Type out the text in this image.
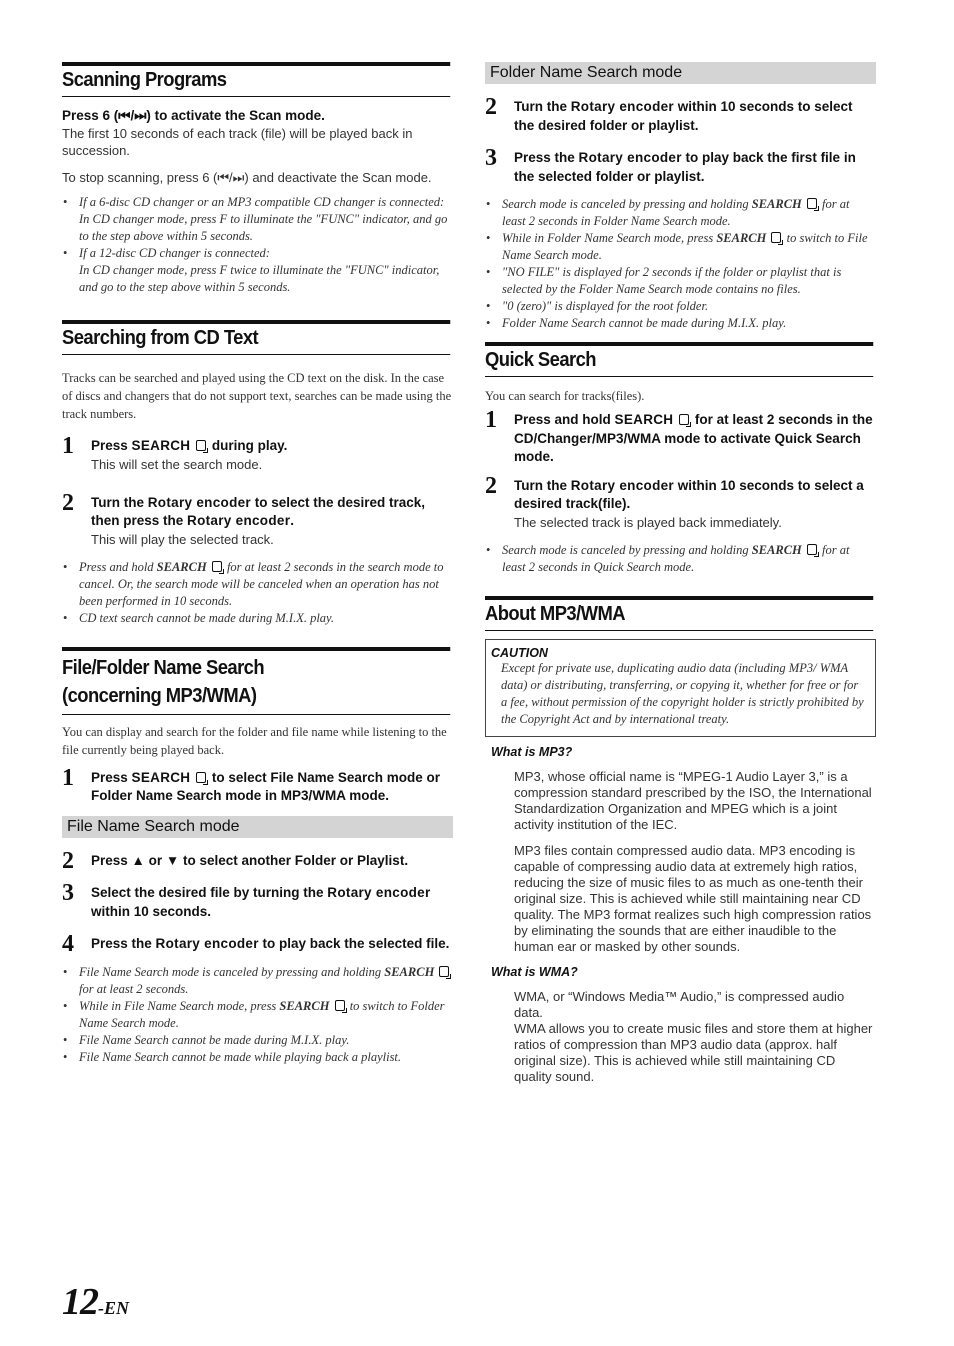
Scanning Programs
Press 6 (⏮/⏭) to activate the Scan mode.
The first 10 seconds of each track (file) will be played back in succession.
To stop scanning, press 6 (⏮/⏭) and deactivate the Scan mode.
• If a 6-disc CD changer or an MP3 compatible CD changer is connected:
In CD changer mode, press F to illuminate the "FUNC" indicator, and go to the step above within 5 seconds.
• If a 12-disc CD changer is connected:
In CD changer mode, press F twice to illuminate the "FUNC" indicator, and go to the step above within 5 seconds.
Searching from CD Text
Tracks can be searched and played using the CD text on the disk. In the case of discs and changers that do not support text, searches can be made using the track numbers.
1 Press SEARCH  during play.
This will set the search mode.
2 Turn the Rotary encoder to select the desired track, then press the Rotary encoder.
This will play the selected track.
• Press and hold SEARCH  for at least 2 seconds in the search mode to cancel. Or, the search mode will be canceled when an operation has not been performed in 10 seconds.
• CD text search cannot be made during M.I.X. play.
File/Folder Name Search
(concerning MP3/WMA)
You can display and search for the folder and file name while listening to the file currently being played back.
1 Press SEARCH  to select File Name Search mode or Folder Name Search mode in MP3/WMA mode.
File Name Search mode
2 Press ▲ or ▼ to select another Folder or Playlist.
3 Select the desired file by turning the Rotary encoder within 10 seconds.
4 Press the Rotary encoder to play back the selected file.
• File Name Search mode is canceled by pressing and holding SEARCH  for at least 2 seconds.
• While in File Name Search mode, press SEARCH  to switch to Folder Name Search mode.
• File Name Search cannot be made during M.I.X. play.
• File Name Search cannot be made while playing back a playlist.
Folder Name Search mode
2 Turn the Rotary encoder within 10 seconds to select the desired folder or playlist.
3 Press the Rotary encoder to play back the first file in the selected folder or playlist.
• Search mode is canceled by pressing and holding SEARCH  for at least 2 seconds in Folder Name Search mode.
• While in Folder Name Search mode, press SEARCH  to switch to File Name Search mode.
• "NO FILE" is displayed for 2 seconds if the folder or playlist that is selected by the Folder Name Search mode contains no files.
• "0 (zero)" is displayed for the root folder.
• Folder Name Search cannot be made during M.I.X. play.
Quick Search
You can search for tracks(files).
1 Press and hold SEARCH  for at least 2 seconds in the CD/Changer/MP3/WMA mode to activate Quick Search mode.
2 Turn the Rotary encoder within 10 seconds to select a desired track(file).
The selected track is played back immediately.
• Search mode is canceled by pressing and holding SEARCH  for at least 2 seconds in Quick Search mode.
About MP3/WMA
CAUTION
Except for private use, duplicating audio data (including MP3/ WMA data) or distributing, transferring, or copying it, whether for free or for a fee, without permission of the copyright holder is strictly prohibited by the Copyright Act and by international treaty.
What is MP3?
MP3, whose official name is “MPEG-1 Audio Layer 3,” is a compression standard prescribed by the ISO, the International Standardization Organization and MPEG which is a joint activity institution of the IEC.
MP3 files contain compressed audio data. MP3 encoding is capable of compressing audio data at extremely high ratios, reducing the size of music files to as much as one-tenth their original size. This is achieved while still maintaining near CD quality. The MP3 format realizes such high compression ratios by eliminating the sounds that are either inaudible to the human ear or masked by other sounds.
What is WMA?
WMA, or “Windows Media™ Audio,” is compressed audio data.
WMA allows you to create music files and store them at higher ratios of compression than MP3 audio data (approx. half original size). This is achieved while still maintaining CD quality sound.
12-EN
